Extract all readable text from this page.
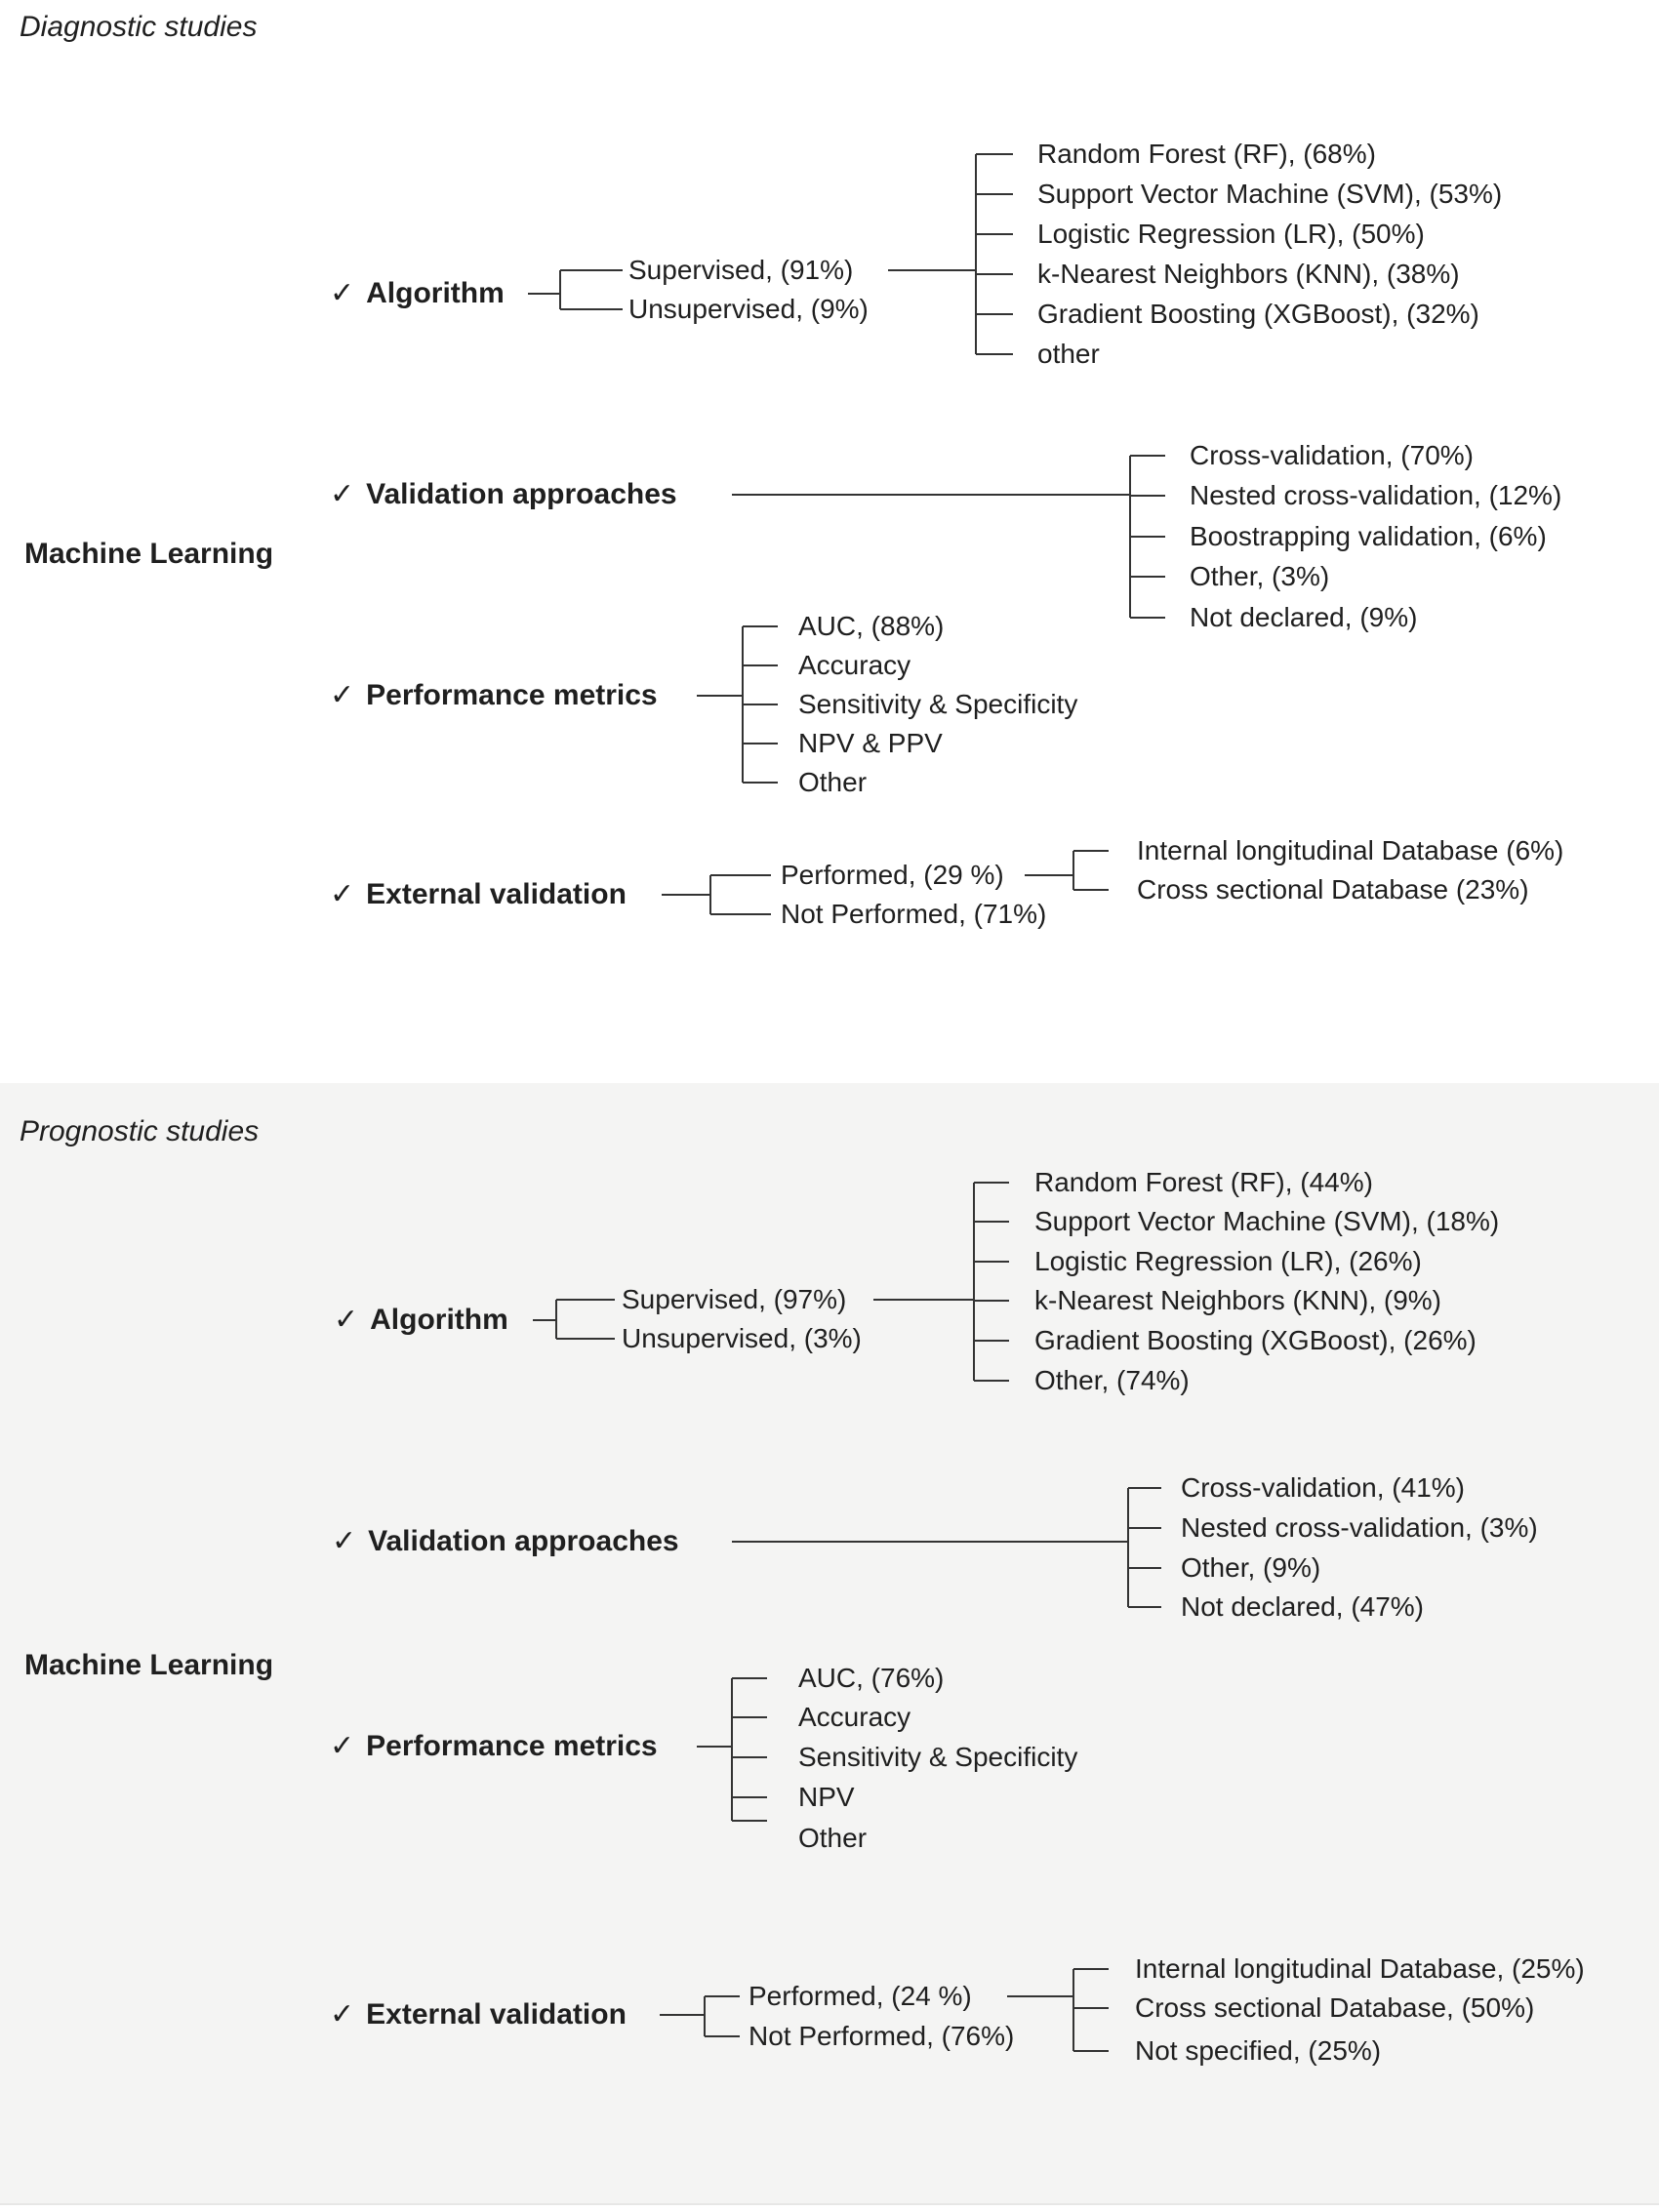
Diagnostic studies
Machine Learning
✓ Algorithm
Supervised, (91%)
Unsupervised, (9%)
Random Forest (RF), (68%)
Support Vector Machine (SVM), (53%)
Logistic Regression (LR), (50%)
k-Nearest Neighbors (KNN), (38%)
Gradient Boosting (XGBoost), (32%)
other
✓ Validation approaches
Cross-validation, (70%)
Nested cross-validation, (12%)
Boostrapping validation, (6%)
Other, (3%)
Not declared, (9%)
✓ Performance metrics
AUC, (88%)
Accuracy
Sensitivity & Specificity
NPV & PPV
Other
✓ External validation
Performed, (29 %)
Not Performed, (71%)
Internal longitudinal Database (6%)
Cross sectional Database (23%)
Prognostic studies
Machine Learning
✓ Algorithm
Supervised, (97%)
Unsupervised, (3%)
Random Forest (RF), (44%)
Support Vector Machine (SVM), (18%)
Logistic Regression (LR), (26%)
k-Nearest Neighbors (KNN), (9%)
Gradient Boosting (XGBoost), (26%)
Other, (74%)
✓ Validation approaches
Cross-validation, (41%)
Nested cross-validation, (3%)
Other, (9%)
Not declared, (47%)
✓ Performance metrics
AUC, (76%)
Accuracy
Sensitivity & Specificity
NPV
Other
✓ External validation
Performed, (24 %)
Not Performed, (76%)
Internal longitudinal Database, (25%)
Cross sectional Database, (50%)
Not specified, (25%)
